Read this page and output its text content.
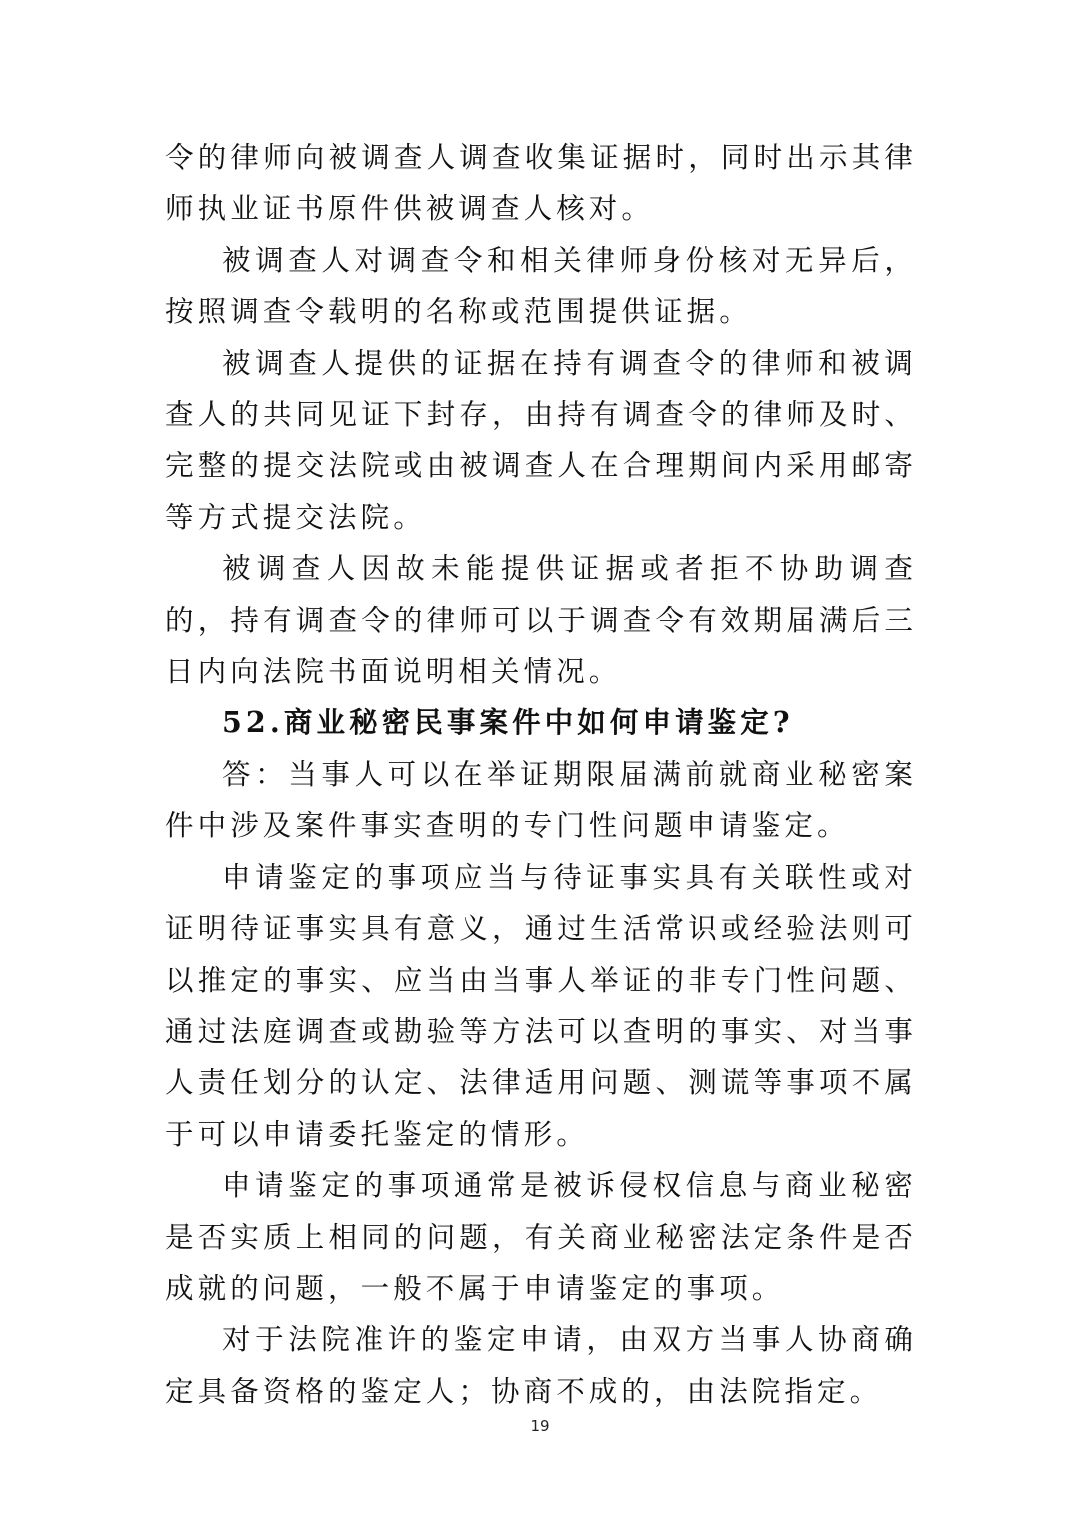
令的律师向被调查人调查收集证据时，同时出示其律师执业证书原件供被调查人核对。

被调查人对调查令和相关律师身份核对无异后，按照调查令载明的名称或范围提供证据。

被调查人提供的证据在持有调查令的律师和被调查人的共同见证下封存，由持有调查令的律师及时、完整的提交法院或由被调查人在合理期间内采用邮寄等方式提交法院。

被调查人因故未能提供证据或者拒不协助调查的，持有调查令的律师可以于调查令有效期届满后三日内向法院书面说明相关情况。

52.商业秘密民事案件中如何申请鉴定?

答：当事人可以在举证期限届满前就商业秘密案件中涉及案件事实查明的专门性问题申请鉴定。

申请鉴定的事项应当与待证事实具有关联性或对证明待证事实具有意义，通过生活常识或经验法则可以推定的事实、应当由当事人举证的非专门性问题、通过法庭调查或勘验等方法可以查明的事实、对当事人责任划分的认定、法律适用问题、测谎等事项不属于可以申请委托鉴定的情形。

申请鉴定的事项通常是被诉侵权信息与商业秘密是否实质上相同的问题，有关商业秘密法定条件是否成就的问题，一般不属于申请鉴定的事项。

对于法院准许的鉴定申请，由双方当事人协商确定具备资格的鉴定人；协商不成的，由法院指定。

19
